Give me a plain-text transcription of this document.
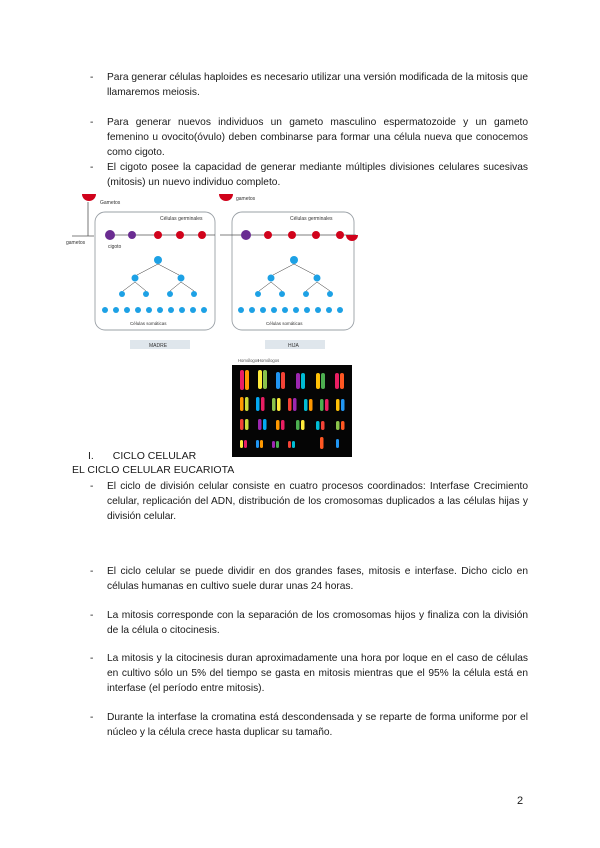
- Para generar células haploides es necesario utilizar una versión modificada de la mitosis que llamaremos meiosis.
- Para generar nuevos individuos un gameto masculino espermatozoide y un gameto femenino u ovocito(óvulo) deben combinarse para formar una célula nueva que conocemos como cigoto.
- El cigoto posee la capacidad de generar mediante múltiples divisiones celulares sucesivas (mitosis) un nuevo individuo completo.
Gametos
gametos
gametos
Células germinales
cigoto
Células somáticas
MADRE
Células germinales
Células somáticas
HIJA
Homólogos
Homólogos
I. CICLO CELULAR
EL CICLO CELULAR EUCARIOTA
- El ciclo de división celular consiste en cuatro procesos coordinados: Interfase Crecimiento celular, replicación del ADN, distribución de los cromosomas duplicados a las células hijas y división celular.
- El ciclo celular se puede dividir en dos grandes fases, mitosis e interfase. Dicho ciclo en células humanas en cultivo suele durar unas 24 horas.
- La mitosis corresponde con la separación de los cromosomas hijos y finaliza con la división de la célula o citocinesis.
- La mitosis y la citocinesis duran aproximadamente una hora por loque en el caso de células en cultivo sólo un 5% del tiempo se gasta en mitosis mientras que el 95% la célula está en interfase (el período entre mitosis).
- Durante la interfase la cromatina está descondensada y se reparte de forma uniforme por el núcleo y la célula crece hasta duplicar su tamaño.
2
